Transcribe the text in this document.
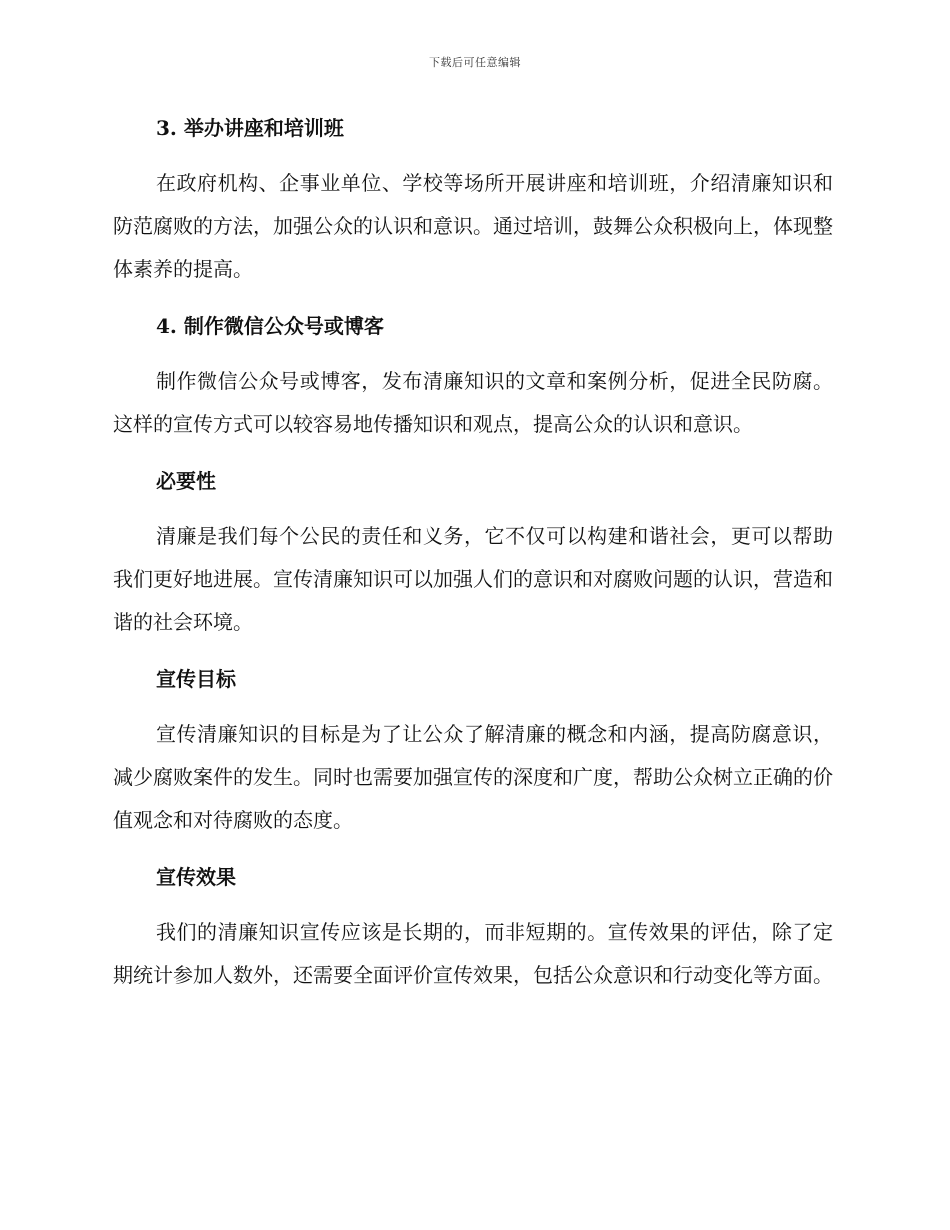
下载后可任意编辑
3. 举办讲座和培训班

在政府机构、企事业单位、学校等场所开展讲座和培训班，介绍清廉知识和防范腐败的方法，加强公众的认识和意识。通过培训，鼓舞公众积极向上，体现整体素养的提高。

4. 制作微信公众号或博客

制作微信公众号或博客，发布清廉知识的文章和案例分析，促进全民防腐。这样的宣传方式可以较容易地传播知识和观点，提高公众的认识和意识。

必要性

清廉是我们每个公民的责任和义务，它不仅可以构建和谐社会，更可以帮助我们更好地进展。宣传清廉知识可以加强人们的意识和对腐败问题的认识，营造和谐的社会环境。

宣传目标

宣传清廉知识的目标是为了让公众了解清廉的概念和内涵，提高防腐意识，减少腐败案件的发生。同时也需要加强宣传的深度和广度，帮助公众树立正确的价值观念和对待腐败的态度。

宣传效果

我们的清廉知识宣传应该是长期的，而非短期的。宣传效果的评估，除了定期统计参加人数外，还需要全面评价宣传效果，包括公众意识和行动变化等方面。
